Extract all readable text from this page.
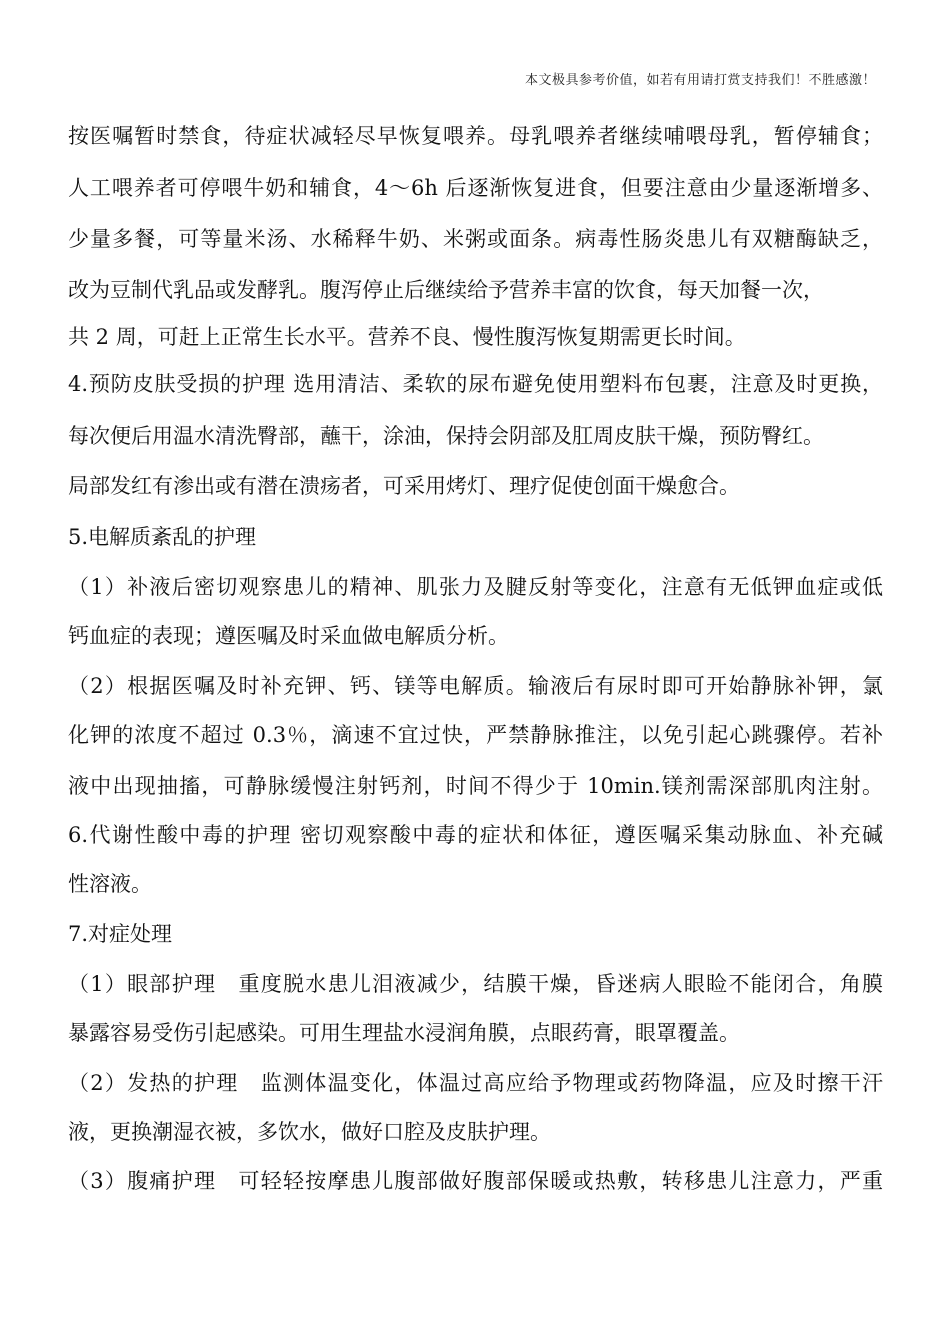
本文极具参考价值，如若有用请打赏支持我们！不胜感激！
按医嘱暂时禁食，待症状减轻尽早恢复喂养。母乳喂养者继续哺喂母乳，暂停辅食；
人工喂养者可停喂牛奶和辅食，4～6h 后逐渐恢复进食，但要注意由少量逐渐增多、
少量多餐，可等量米汤、水稀释牛奶、米粥或面条。病毒性肠炎患儿有双糖酶缺乏，
改为豆制代乳品或发酵乳。腹泻停止后继续给予营养丰富的饮食，每天加餐一次，
共 2 周，可赶上正常生长水平。营养不良、慢性腹泻恢复期需更长时间。
4.预防皮肤受损的护理 选用清洁、柔软的尿布避免使用塑料布包裹，注意及时更换，
每次便后用温水清洗臀部，蘸干，涂油，保持会阴部及肛周皮肤干燥，预防臀红。
局部发红有渗出或有潜在溃疡者，可采用烤灯、理疗促使创面干燥愈合。
5.电解质紊乱的护理
（1）补液后密切观察患儿的精神、肌张力及腱反射等变化，注意有无低钾血症或低
钙血症的表现；遵医嘱及时采血做电解质分析。
（2）根据医嘱及时补充钾、钙、镁等电解质。输液后有尿时即可开始静脉补钾，氯
化钾的浓度不超过 0.3％，滴速不宜过快，严禁静脉推注，以免引起心跳骤停。若补
液中出现抽搐，可静脉缓慢注射钙剂，时间不得少于 10min.镁剂需深部肌肉注射。
6.代谢性酸中毒的护理 密切观察酸中毒的症状和体征，遵医嘱采集动脉血、补充碱
性溶液。
7.对症处理
（1）眼部护理　重度脱水患儿泪液减少，结膜干燥，昏迷病人眼睑不能闭合，角膜
暴露容易受伤引起感染。可用生理盐水浸润角膜，点眼药膏，眼罩覆盖。
（2）发热的护理　监测体温变化，体温过高应给予物理或药物降温，应及时擦干汗
液，更换潮湿衣被，多饮水，做好口腔及皮肤护理。
（3）腹痛护理　可轻轻按摩患儿腹部做好腹部保暖或热敷，转移患儿注意力，严重
